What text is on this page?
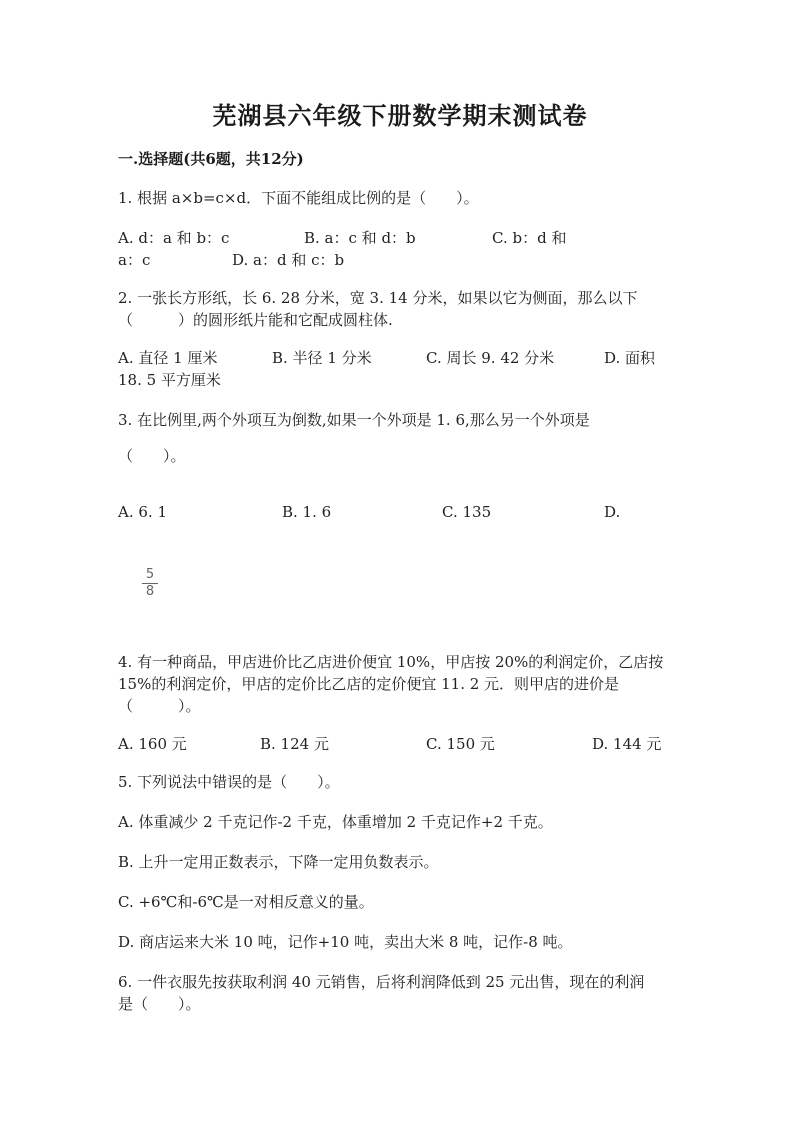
芜湖县六年级下册数学期末测试卷
一.选择题(共6题，共12分)
1. 根据 a×b=c×d．下面不能组成比例的是（　　）。
A. d：a 和 b：c	B. a：c 和 d：b	C. b：d 和
a：c	D. a：d 和 c：b
2. 一张长方形纸，长 6. 28 分米，宽 3. 14 分米，如果以它为侧面，那么以下
（　　　）的圆形纸片能和它配成圆柱体.
A. 直径 1 厘米	B. 半径 1 分米	C. 周长 9. 42 分米	D. 面积
18. 5 平方厘米
3. 在比例里,两个外项互为倒数,如果一个外项是 1. 6,那么另一个外项是
（　　）。
A. 6. 1	B. 1. 6	C. 135	D.
5
8
4. 有一种商品，甲店进价比乙店进价便宜 10%，甲店按 20%的利润定价，乙店按
15%的利润定价，甲店的定价比乙店的定价便宜 11. 2 元．则甲店的进价是
（　　　）。
A. 160 元	B. 124 元	C. 150 元	D. 144 元
5. 下列说法中错误的是（　　）。
A. 体重减少 2 千克记作-2 千克，体重增加 2 千克记作+2 千克。
B. 上升一定用正数表示，下降一定用负数表示。
C. +6℃和-6℃是一对相反意义的量。
D. 商店运来大米 10 吨，记作+10 吨，卖出大米 8 吨，记作-8 吨。
6. 一件衣服先按获取利润 40 元销售，后将利润降低到 25 元出售，现在的利润
是（　　）。
